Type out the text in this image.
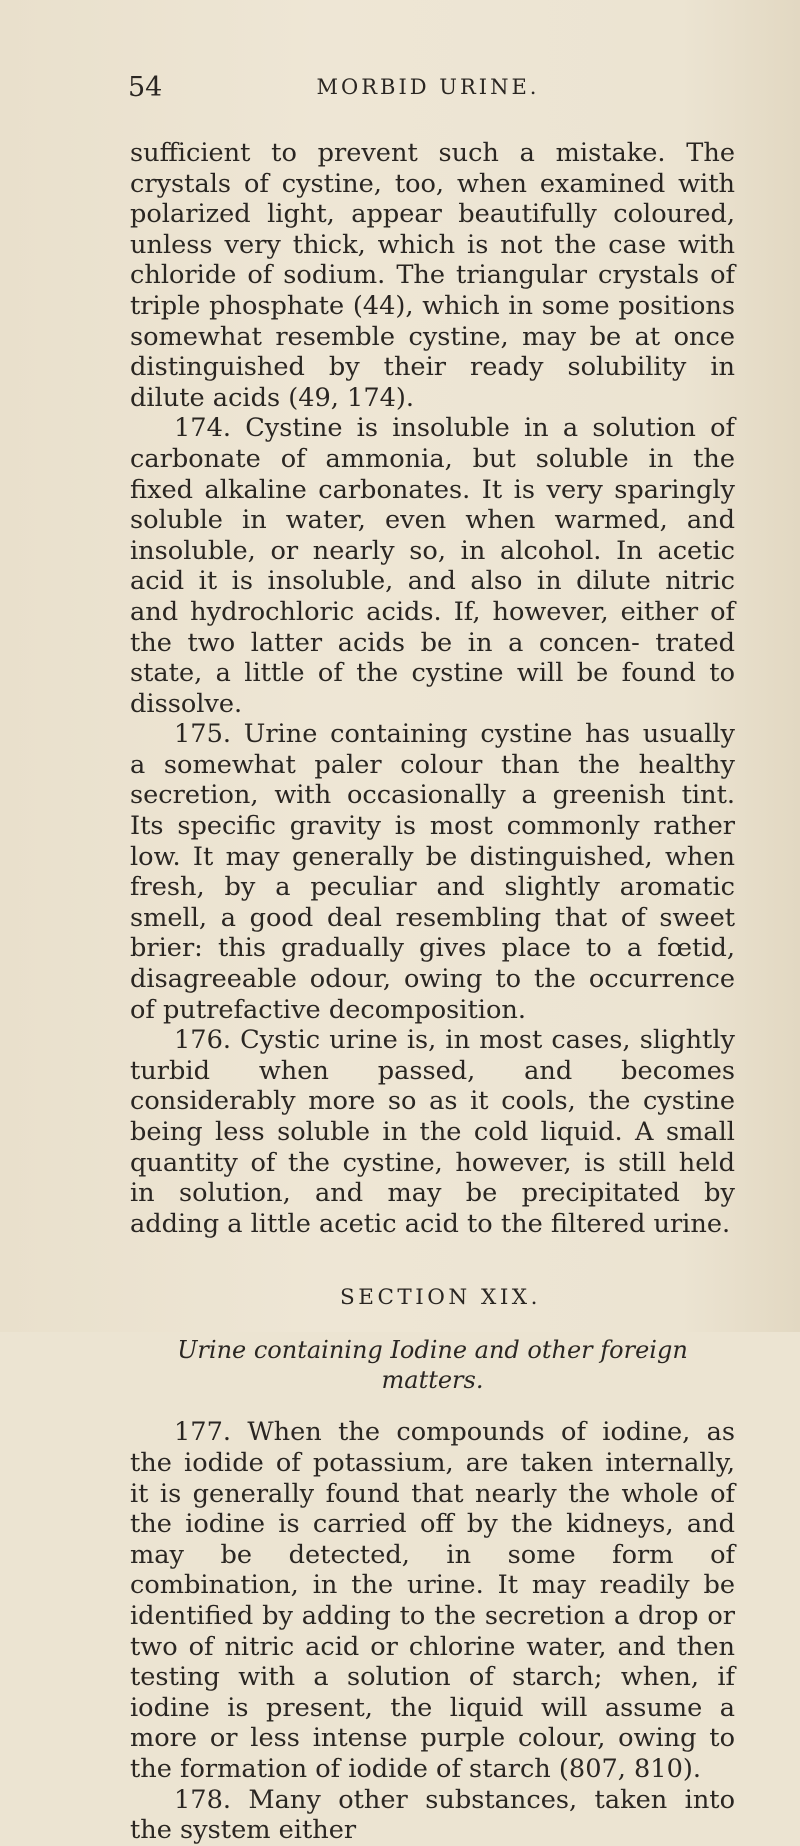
54	MORBID URINE.

sufficient to prevent such a mistake. The crystals of cystine, too, when examined with polarized light, appear beautifully coloured, unless very thick, which is not the case with chloride of sodium. The triangular crystals of triple phosphate (44), which in some positions somewhat resemble cystine, may be at once distinguished by their ready solubility in dilute acids (49, 174).

174. Cystine is insoluble in a solution of carbonate of ammonia, but soluble in the fixed alkaline carbonates. It is very sparingly soluble in water, even when warmed, and insoluble, or nearly so, in alcohol. In acetic acid it is insoluble, and also in dilute nitric and hydrochloric acids. If, however, either of the two latter acids be in a concen- trated state, a little of the cystine will be found to dissolve.

175. Urine containing cystine has usually a somewhat paler colour than the healthy secretion, with occasionally a greenish tint. Its specific gravity is most commonly rather low. It may generally be distinguished, when fresh, by a peculiar and slightly aromatic smell, a good deal resembling that of sweet brier: this gradually gives place to a fœtid, disagreeable odour, owing to the occurrence of putrefactive decomposition.

176. Cystic urine is, in most cases, slightly turbid when passed, and becomes considerably more so as it cools, the cystine being less soluble in the cold liquid. A small quantity of the cystine, however, is still held in solution, and may be precipitated by adding a little acetic acid to the filtered urine.

SECTION XIX.
Urine containing Iodine and other foreign matters.

177. When the compounds of iodine, as the iodide of potassium, are taken internally, it is generally found that nearly the whole of the iodine is carried off by the kidneys, and may be detected, in some form of combination, in the urine. It may readily be identified by adding to the secretion a drop or two of nitric acid or chlorine water, and then testing with a solution of starch; when, if iodine is present, the liquid will assume a more or less intense purple colour, owing to the formation of iodide of starch (807, 810).

178. Many other substances, taken into the system either
